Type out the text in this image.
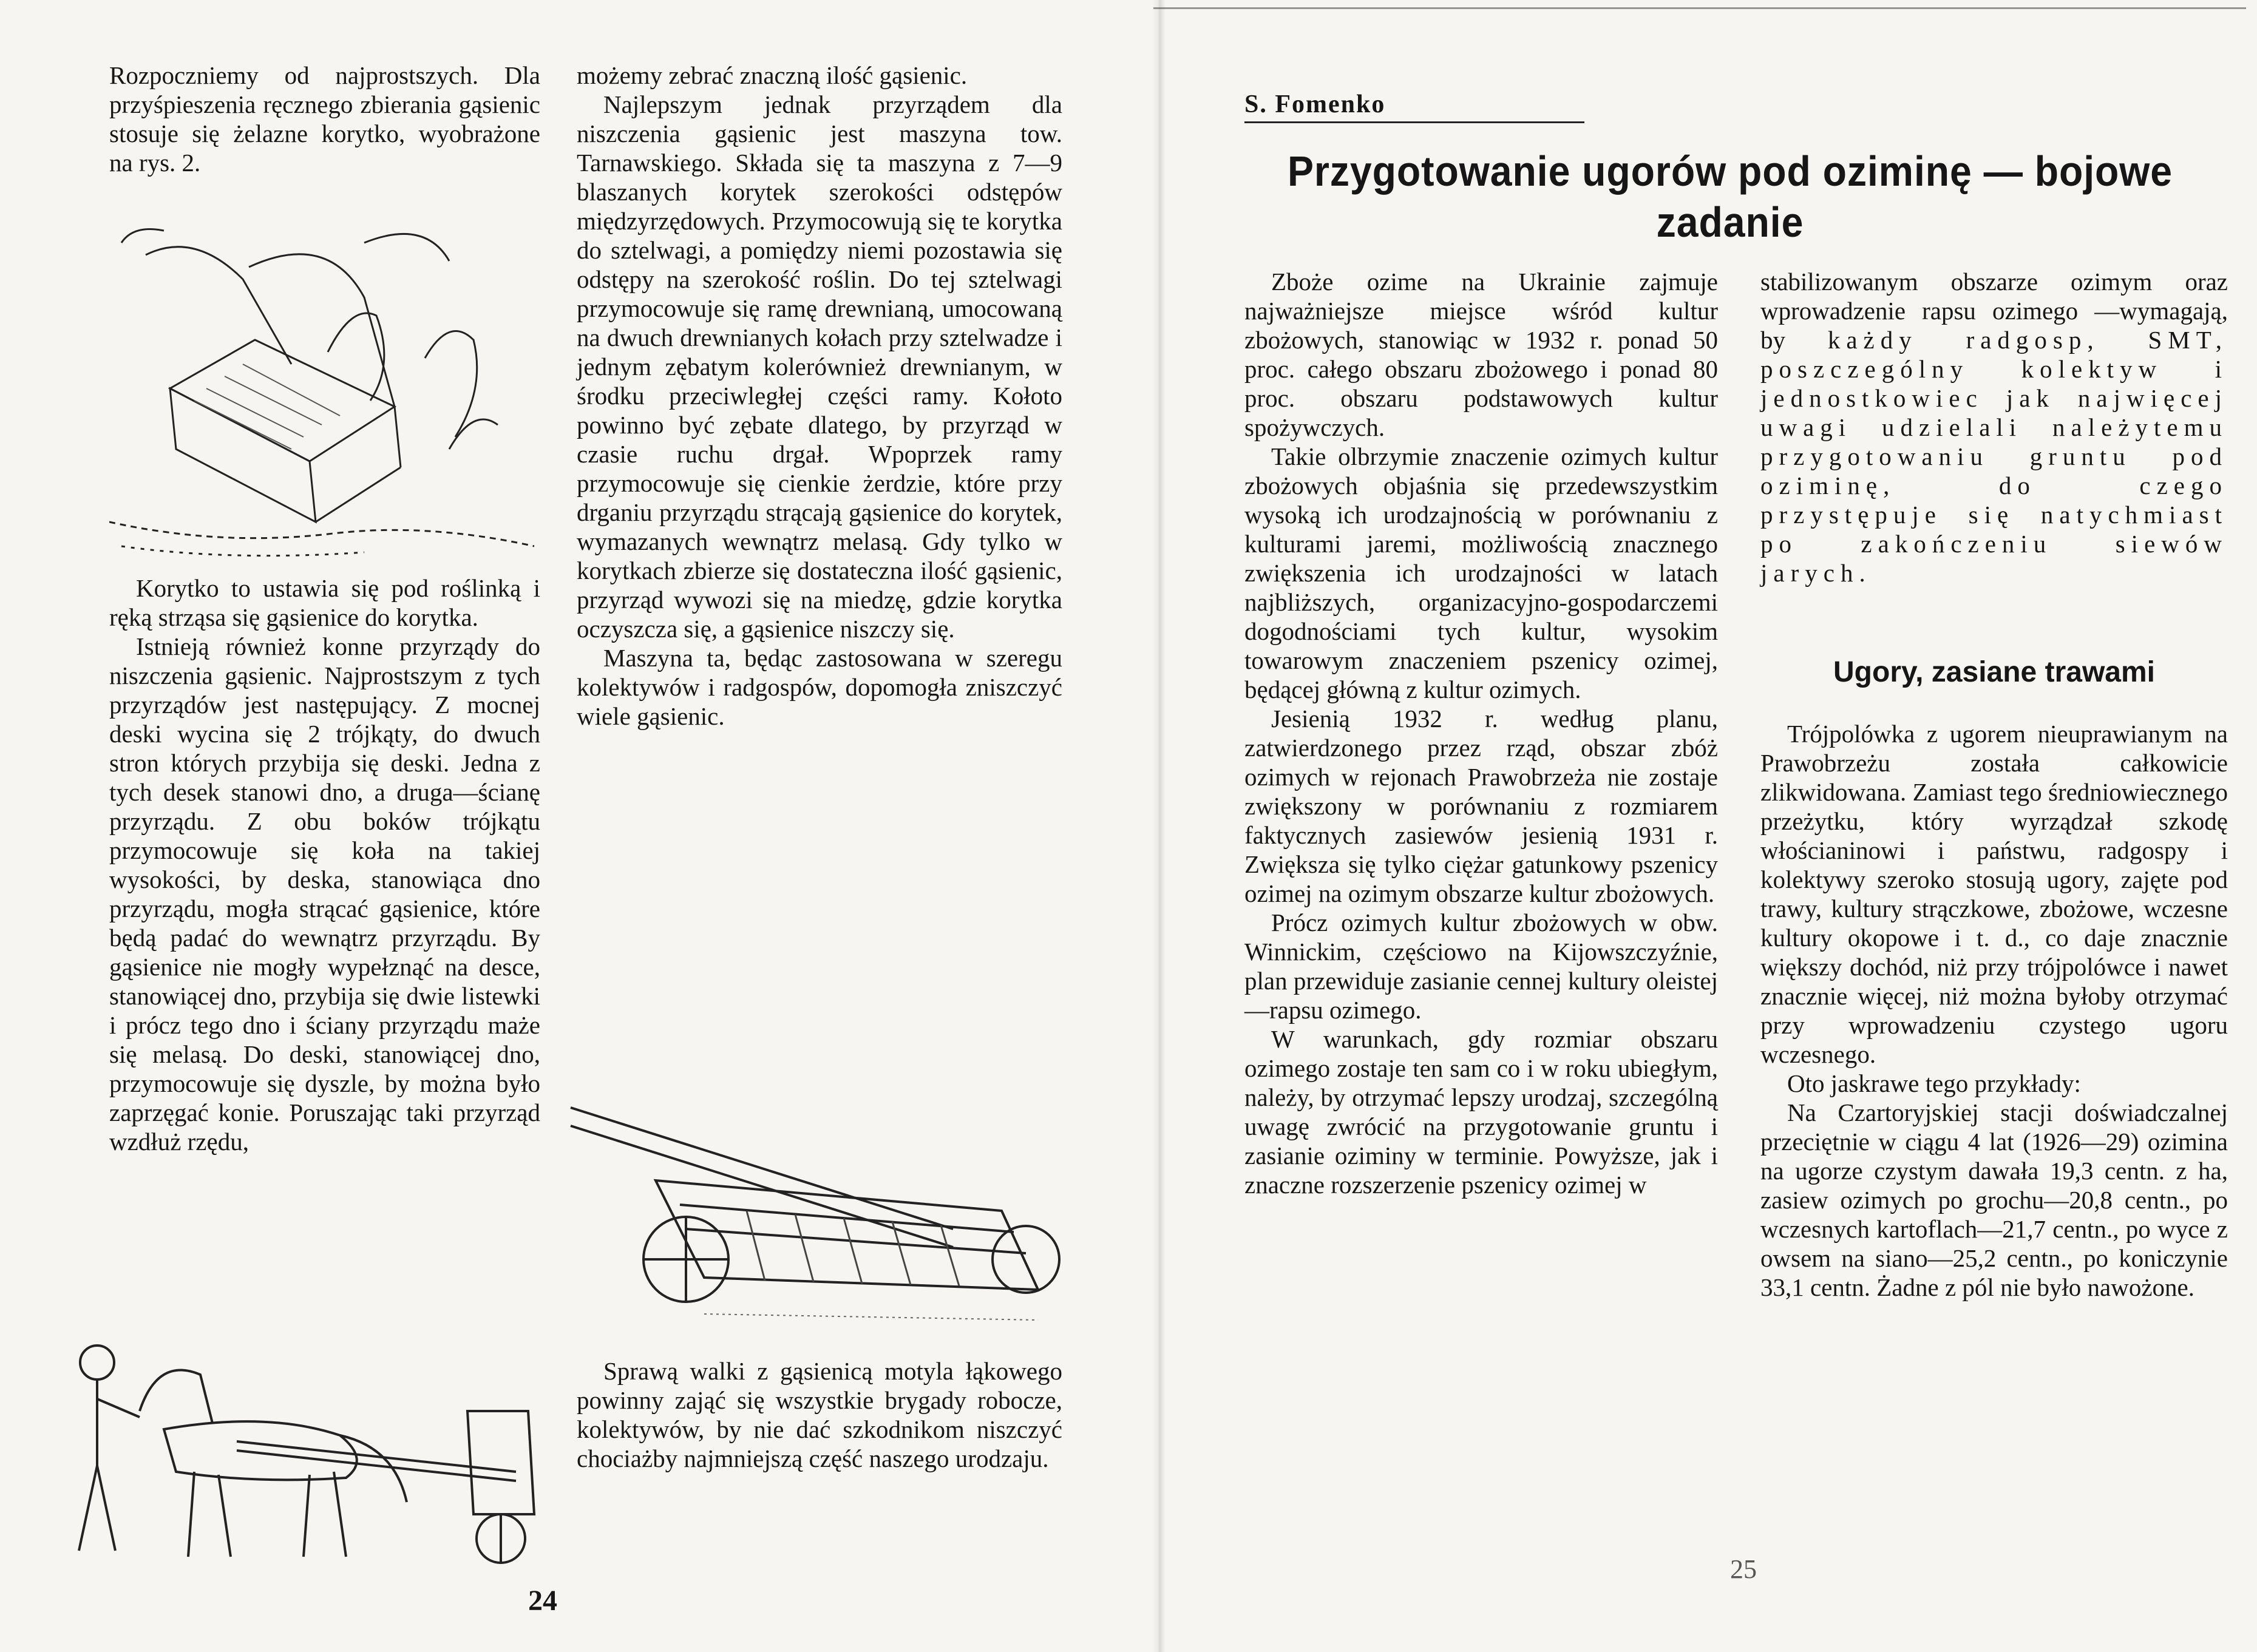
Rozpoczniemy od najprostszych. Dla przyśpieszenia ręcznego zbierania gąsienic stosuje się żelazne korytko, wyobrażone na rys. 2.

Korytko to ustawia się pod roślinką i ręką strząsa się gąsienice do korytka.

Istnieją również konne przyrządy do niszczenia gąsienic. Najprostszym z tych przyrządów jest następujący. Z mocnej deski wycina się 2 trójkąty, do dwuch stron których przybija się deski. Jedna z tych desek stanowi dno, a druga—ścianę przyrządu. Z obu boków trójkątu przymocowuje się koła na takiej wysokości, by deska, stanowiąca dno przyrządu, mogła strącać gąsienice, które będą padać do wewnątrz przyrządu. By gąsienice nie mogły wypełznąć na desce, stanowiącej dno, przybija się dwie listewki i prócz tego dno i ściany przyrządu maże się melasą. Do deski, stanowiącej dno, przymocowuje się dyszle, by można było zaprzęgać konie. Poruszając taki przyrząd wzdłuż rzędu,

możemy zebrać znaczną ilość gąsienic.

Najlepszym jednak przyrządem dla niszczenia gąsienic jest maszyna tow. Tarnawskiego. Składa się ta maszyna z 7—9 blaszanych korytek szerokości odstępów międzyrzędowych. Przymocowują się te korytka do sztelwagi, a pomiędzy niemi pozostawia się odstępy na szerokość roślin. Do tej sztelwagi przymocowuje się ramę drewnianą, umocowaną na dwuch drewnianych kołach przy sztelwadze i jednym zębatym kolerównież drewnianym, w środku przeciwległej części ramy. Kołoto powinno być zębate dlatego, by przyrząd w czasie ruchu drgał. Wpoprzek ramy przymocowuje się cienkie żerdzie, które przy drganiu przyrządu strącają gąsienice do korytek, wymazanych wewnątrz melasą. Gdy tylko w korytkach zbierze się dostateczna ilość gąsienic, przyrząd wywozi się na miedzę, gdzie korytka oczyszcza się, a gąsienice niszczy się.

Maszyna ta, będąc zastosowana w szeregu kolektywów i radgospów, dopomogła zniszczyć wiele gąsienic.

Sprawą walki z gąsienicą motyla łąkowego powinny zająć się wszystkie brygady robocze, kolektywów, by nie dać szkodnikom niszczyć chociażby najmniejszą część naszego urodzaju.

24
S. Fomenko
Przygotowanie ugorów pod oziminę — bojowe zadanie

Zboże ozime na Ukrainie zajmuje najważniejsze miejsce wśród kultur zbożowych, stanowiąc w 1932 r. ponad 50 proc. całego obszaru zbożowego i ponad 80 proc. obszaru podstawowych kultur spożywczych.

Takie olbrzymie znaczenie ozimych kultur zbożowych objaśnia się przedewszystkim wysoką ich urodzajnością w porównaniu z kulturami jaremi, możliwością znacznego zwiększenia ich urodzajności w latach najbliższych, organizacyjno-gospodarczemi dogodnościami tych kultur, wysokim towarowym znaczeniem pszenicy ozimej, będącej główną z kultur ozimych.

Jesienią 1932 r. według planu, zatwierdzonego przez rząd, obszar zbóż ozimych w rejonach Prawobrzeża nie zostaje zwiększony w porównaniu z rozmiarem faktycznych zasiewów jesienią 1931 r. Zwiększa się tylko ciężar gatunkowy pszenicy ozimej na ozimym obszarze kultur zbożowych.

Prócz ozimych kultur zbożowych w obw. Winnickim, częściowo na Kijowszczyźnie, plan przewiduje zasianie cennej kultury oleistej—rapsu ozimego.

W warunkach, gdy rozmiar obszaru ozimego zostaje ten sam co i w roku ubiegłym, należy, by otrzymać lepszy urodzaj, szczególną uwagę zwrócić na przygotowanie gruntu i zasianie oziminy w terminie. Powyższe, jak i znaczne rozszerzenie pszenicy ozimej w

stabilizowanym obszarze ozimym oraz wprowadzenie rapsu ozimego —wymagają, by każdy radgosp, SMT, poszczególny kolektyw i jednostkowiec jak najwięcej uwagi udzielali należytemu przygotowaniu gruntu pod oziminę, do czego przystępuje się natychmiast po zakończeniu siewów jarych.

Ugory, zasiane trawami

Trójpolówka z ugorem nieuprawianym na Prawobrzeżu została całkowicie zlikwidowana. Zamiast tego średniowiecznego przeżytku, który wyrządzał szkodę włościaninowi i państwu, radgospy i kolektywy szeroko stosują ugory, zajęte pod trawy, kultury strączkowe, zbożowe, wczesne kultury okopowe i t. d., co daje znacznie większy dochód, niż przy trójpolówce i nawet znacznie więcej, niż można byłoby otrzymać przy wprowadzeniu czystego ugoru wczesnego.

Oto jaskrawe tego przykłady:

Na Czartoryjskiej stacji doświadczalnej przeciętnie w ciągu 4 lat (1926—29) ozimina na ugorze czystym dawała 19,3 centn. z ha, zasiew ozimych po grochu—20,8 centn., po wczesnych kartoflach—21,7 centn., po wyce z owsem na siano—25,2 centn., po koniczynie 33,1 centn. Żadne z pól nie było nawożone.

25
